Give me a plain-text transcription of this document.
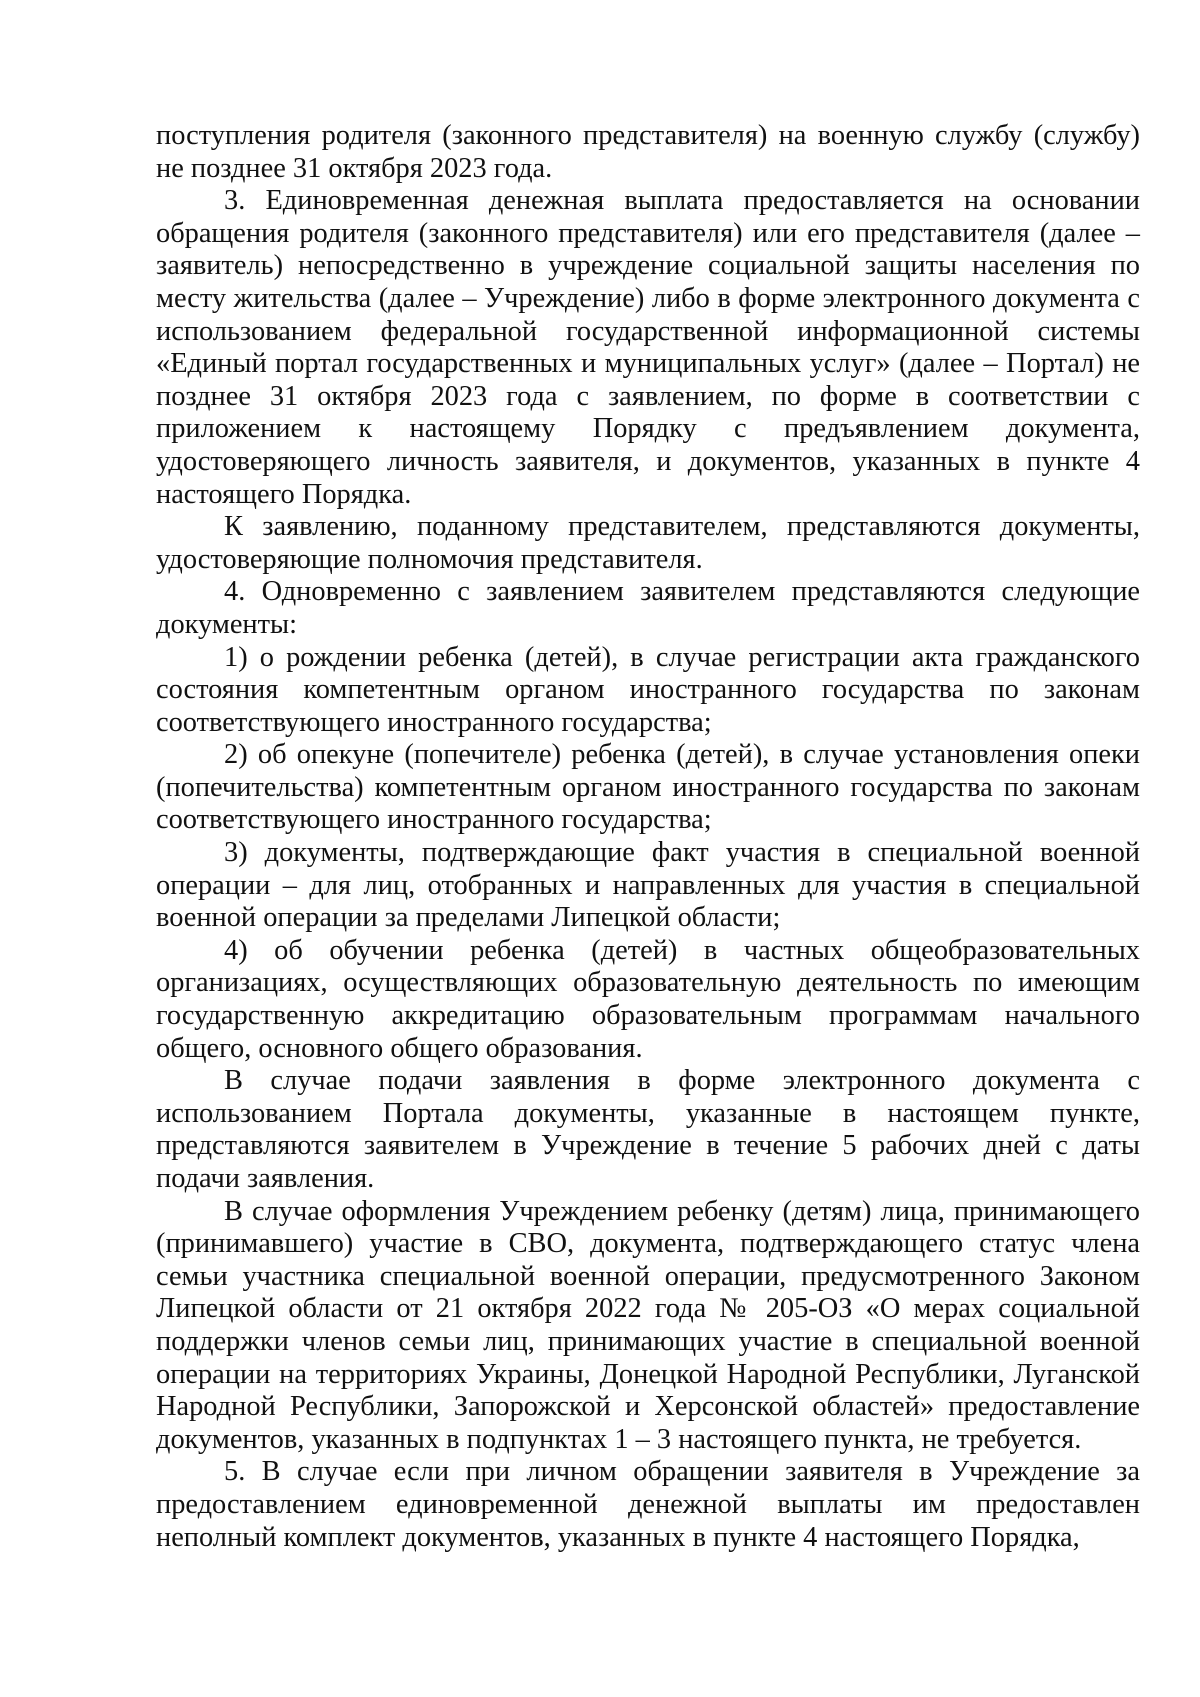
поступления родителя (законного представителя) на военную службу (службу) не позднее 31 октября 2023 года.

3. Единовременная денежная выплата предоставляется на основании обращения родителя (законного представителя) или его представителя (далее – заявитель) непосредственно в учреждение социальной защиты населения по месту жительства (далее – Учреждение) либо в форме электронного документа с использованием федеральной государственной информационной системы «Единый портал государственных и муниципальных услуг» (далее – Портал) не позднее 31 октября 2023 года с заявлением, по форме в соответствии с приложением к настоящему Порядку с предъявлением документа, удостоверяющего личность заявителя, и документов, указанных в пункте 4 настоящего Порядка.

К заявлению, поданному представителем, представляются документы, удостоверяющие полномочия представителя.

4. Одновременно с заявлением заявителем представляются следующие документы:

1) о рождении ребенка (детей), в случае регистрации акта гражданского состояния компетентным органом иностранного государства по законам соответствующего иностранного государства;

2) об опекуне (попечителе) ребенка (детей), в случае установления опеки (попечительства) компетентным органом иностранного государства по законам соответствующего иностранного государства;

3) документы, подтверждающие факт участия в специальной военной операции – для лиц, отобранных и направленных для участия в специальной военной операции за пределами Липецкой области;

4) об обучении ребенка (детей) в частных общеобразовательных организациях, осуществляющих образовательную деятельность по имеющим государственную аккредитацию образовательным программам начального общего, основного общего образования.

В случае подачи заявления в форме электронного документа с использованием Портала документы, указанные в настоящем пункте, представляются заявителем в Учреждение в течение 5 рабочих дней с даты подачи заявления.

В случае оформления Учреждением ребенку (детям) лица, принимающего (принимавшего) участие в СВО, документа, подтверждающего статус члена семьи участника специальной военной операции, предусмотренного Законом Липецкой области от 21 октября 2022 года № 205-ОЗ «О мерах социальной поддержки членов семьи лиц, принимающих участие в специальной военной операции на территориях Украины, Донецкой Народной Республики, Луганской Народной Республики, Запорожской и Херсонской областей» предоставление документов, указанных в подпунктах 1 – 3 настоящего пункта, не требуется.

5. В случае если при личном обращении заявителя в Учреждение за предоставлением единовременной денежной выплаты им предоставлен неполный комплект документов, указанных в пункте 4 настоящего Порядка,
